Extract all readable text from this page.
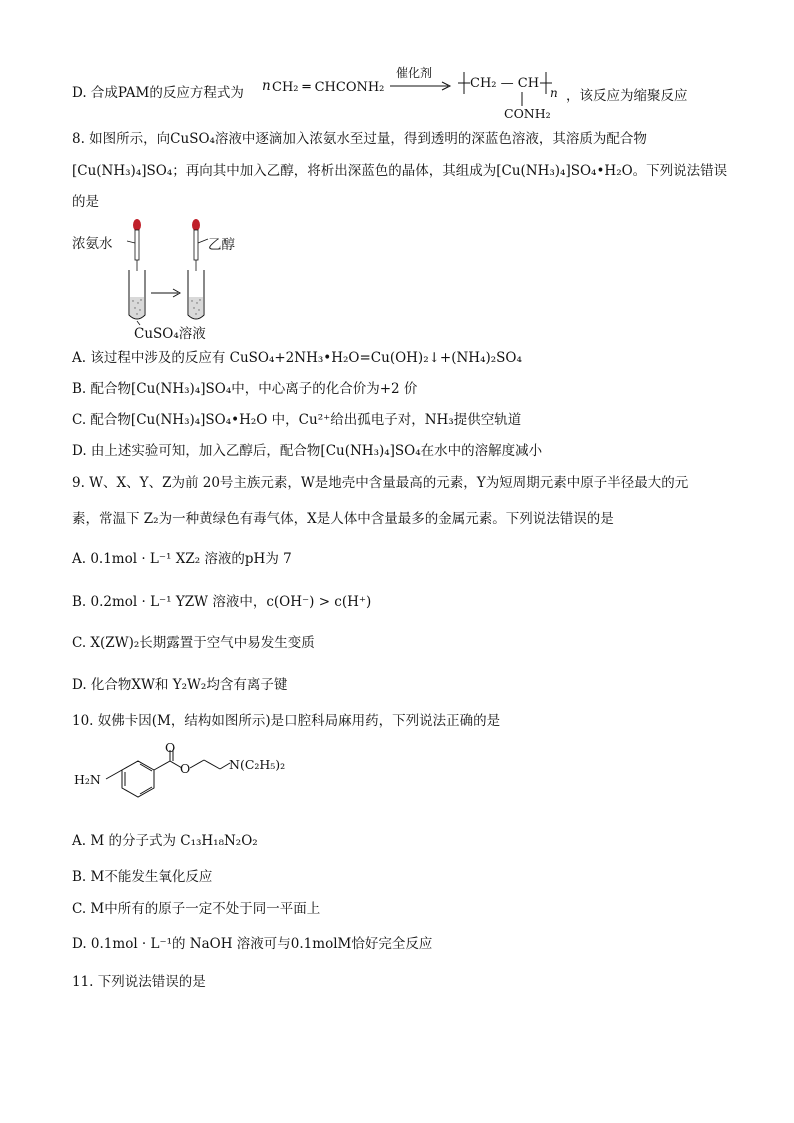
D. 合成PAM的反应方程式为 n CH₂ ═ CHCONH₂
催化剂
CH₂ — CH
n
CONH₂
，该反应为缩聚反应
8. 如图所示，向CuSO₄溶液中逐滴加入浓氨水至过量，得到透明的深蓝色溶液，其溶质为配合物
[Cu(NH₃)₄]SO₄；再向其中加入乙醇，将析出深蓝色的晶体，其组成为[Cu(NH₃)₄]SO₄•H₂O。下列说法错误
的是
浓氨水	乙醇
CuSO₄溶液
A. 该过程中涉及的反应有 CuSO₄+2NH₃•H₂O=Cu(OH)₂↓+(NH₄)₂SO₄
B. 配合物[Cu(NH₃)₄]SO₄中，中心离子的化合价为+2 价
C. 配合物[Cu(NH₃)₄]SO₄•H₂O 中，Cu²⁺给出孤电子对，NH₃提供空轨道
D. 由上述实验可知，加入乙醇后，配合物[Cu(NH₃)₄]SO₄在水中的溶解度减小
9. W、X、Y、Z为前 20号主族元素，W是地壳中含量最高的元素，Y为短周期元素中原子半径最大的元
素，常温下 Z₂为一种黄绿色有毒气体，X是人体中含量最多的金属元素。下列说法错误的是
A. 0.1mol · L⁻¹ XZ₂ 溶液的pH为 7
B. 0.2mol · L⁻¹ YZW 溶液中，c(OH⁻) > c(H⁺)
C. X(ZW)₂长期露置于空气中易发生变质
D. 化合物XW和 Y₂W₂均含有离子键
10. 奴佛卡因(M，结构如图所示)是口腔科局麻用药，下列说法正确的是
H₂N
O
O	N(C₂H₅)₂
A. M 的分子式为 C₁₃H₁₈N₂O₂
B. M不能发生氧化反应
C. M中所有的原子一定不处于同一平面上
D. 0.1mol · L⁻¹的 NaOH 溶液可与0.1molM恰好完全反应
11. 下列说法错误的是
